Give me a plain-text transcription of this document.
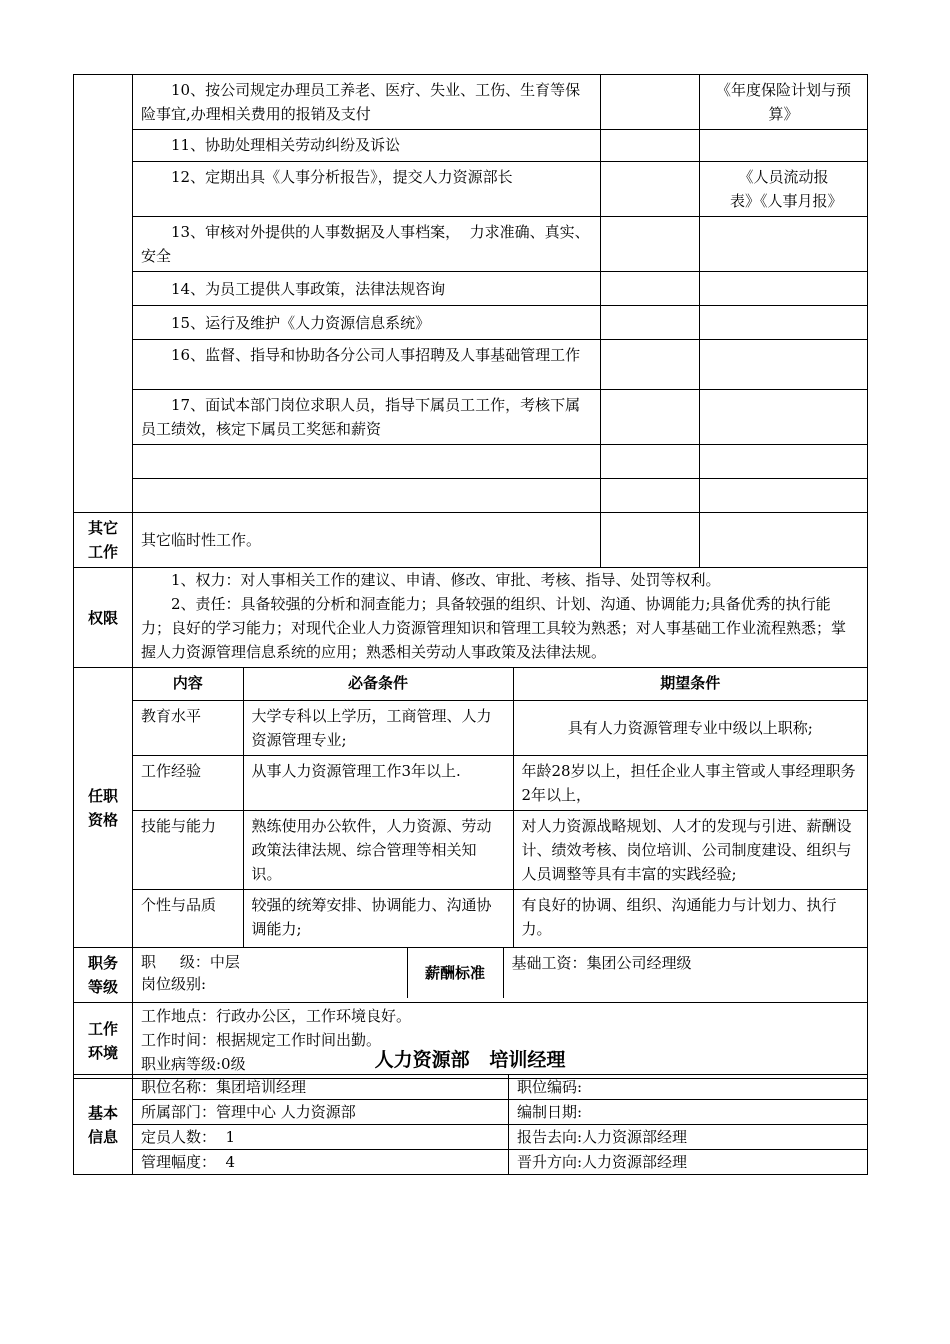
	10、按公司规定办理员工养老、医疗、失业、工伤、生育等保险事宜,办理相关费用的报销及支付		《年度保险计划与预算》
11、协助处理相关劳动纠纷及诉讼		
12、定期出具《人事分析报告》，提交人力资源部长		《人员流动报表》《人事月报》
13、审核对外提供的人事数据及人事档案，  力求准确、真实、安全		
14、为员工提供人事政策，法律法规咨询		
15、运行及维护《人力资源信息系统》		
16、监督、指导和协助各分公司人事招聘及人事基础管理工作		
17、面试本部门岗位求职人员，指导下属员工工作，考核下属员工绩效，核定下属员工奖惩和薪资		

其它工作	其它临时性工作。		
权限	
1、权力：对人事相关工作的建议、申请、修改、审批、考核、指导、处罚等权利。
2、责任：具备较强的分析和洞查能力；具备较强的组织、计划、沟通、协调能力;具备优秀的执行能力；良好的学习能力；对现代企业人力资源管理知识和管理工具较为熟悉；对人事基础工作业流程熟悉；掌握人力资源管理信息系统的应用；熟悉相关劳动人事政策及法律法规。

任职资格	
内容	必备条件	期望条件
教育水平	大学专科以上学历，工商管理、人力资源管理专业;	具有人力资源管理专业中级以上职称;
工作经验	从事人力资源管理工作3年以上.	年龄28岁以上，担任企业人事主管或人事经理职务2年以上，
技能与能力	熟练使用办公软件，人力资源、劳动政策法律法规、综合管理等相关知识。	对人力资源战略规划、人才的发现与引进、薪酬设计、绩效考核、岗位培训、公司制度建设、组织与人员调整等具有丰富的实践经验;
个性与品质	较强的统筹安排、协调能力、沟通协调能力;	有良好的协调、组织、沟通能力与计划力、执行力。

职务等级	
职     级：中层
岗位级别:
	薪酬标准	基础工资：集团公司经理级

工作环境	
工作地点：行政办公区，工作环境良好。
工作时间：根据规定工作时间出勤。
职业病等级:0级	人力资源部   培训经理
基本信息	职位名称：集团培训经理	职位编码:
	所属部门：管理中心 人力资源部	编制日期:
	定员人数：  1	报告去向:人力资源部经理
	管理幅度：  4	晋升方向:人力资源部经理
